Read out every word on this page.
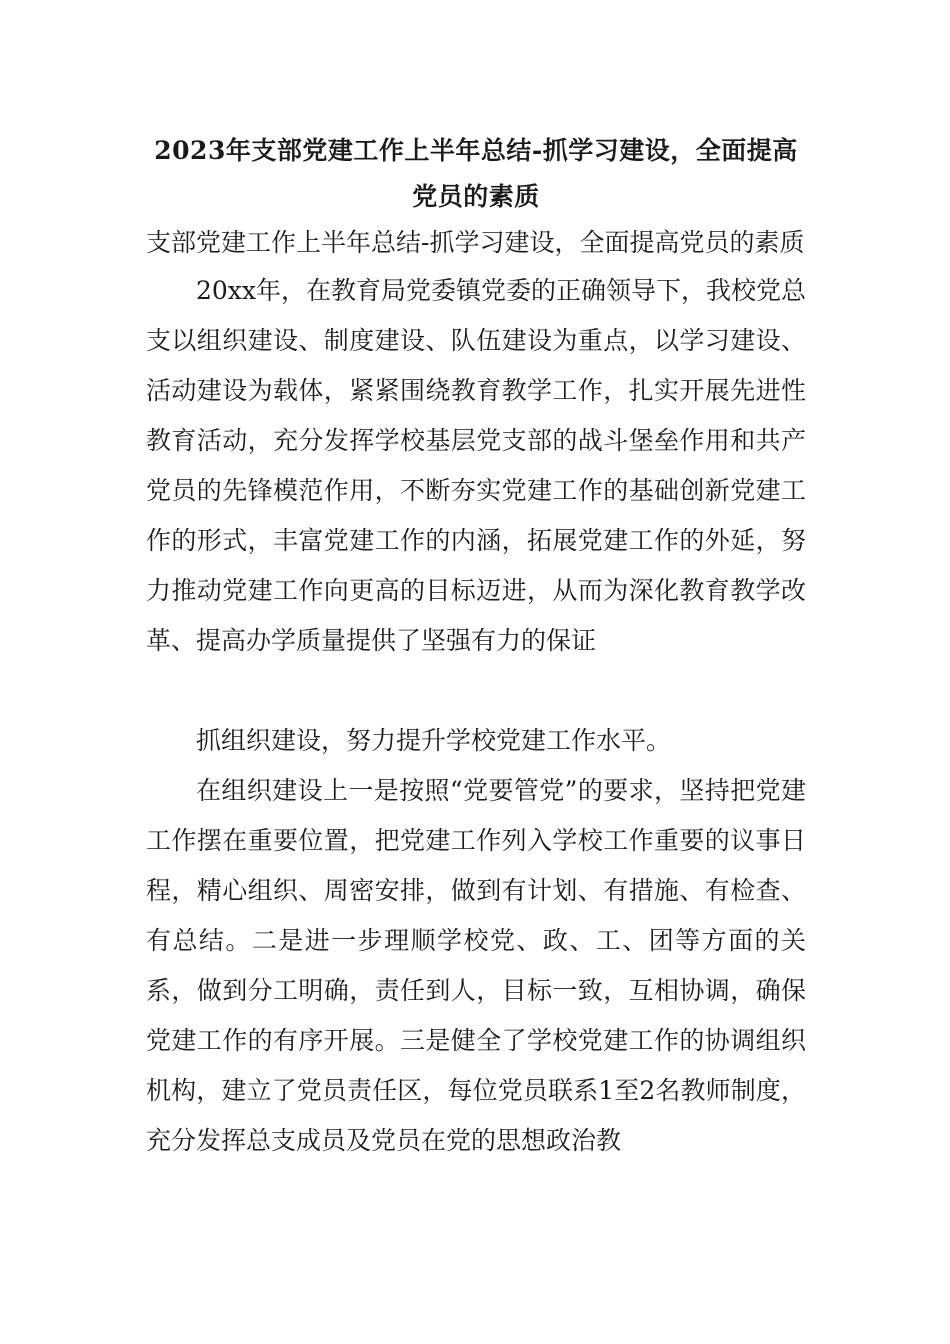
2023年支部党建工作上半年总结-抓学习建设，全面提高党员的素质

支部党建工作上半年总结-抓学习建设，全面提高党员的素质

20xx年，在教育局党委镇党委的正确领导下，我校党总支以组织建设、制度建设、队伍建设为重点，以学习建设、活动建设为载体，紧紧围绕教育教学工作，扎实开展先进性教育活动，充分发挥学校基层党支部的战斗堡垒作用和共产党员的先锋模范作用，不断夯实党建工作的基础创新党建工作的形式，丰富党建工作的内涵，拓展党建工作的外延，努力推动党建工作向更高的目标迈进，从而为深化教育教学改革、提高办学质量提供了坚强有力的保证

抓组织建设，努力提升学校党建工作水平。

在组织建设上一是按照“党要管党”的要求，坚持把党建工作摆在重要位置，把党建工作列入学校工作重要的议事日程，精心组织、周密安排，做到有计划、有措施、有检查、有总结。二是进一步理顺学校党、政、工、团等方面的关系，做到分工明确，责任到人，目标一致，互相协调，确保党建工作的有序开展。三是健全了学校党建工作的协调组织机构，建立了党员责任区，每位党员联系1至2名教师制度，充分发挥总支成员及党员在党的思想政治教
